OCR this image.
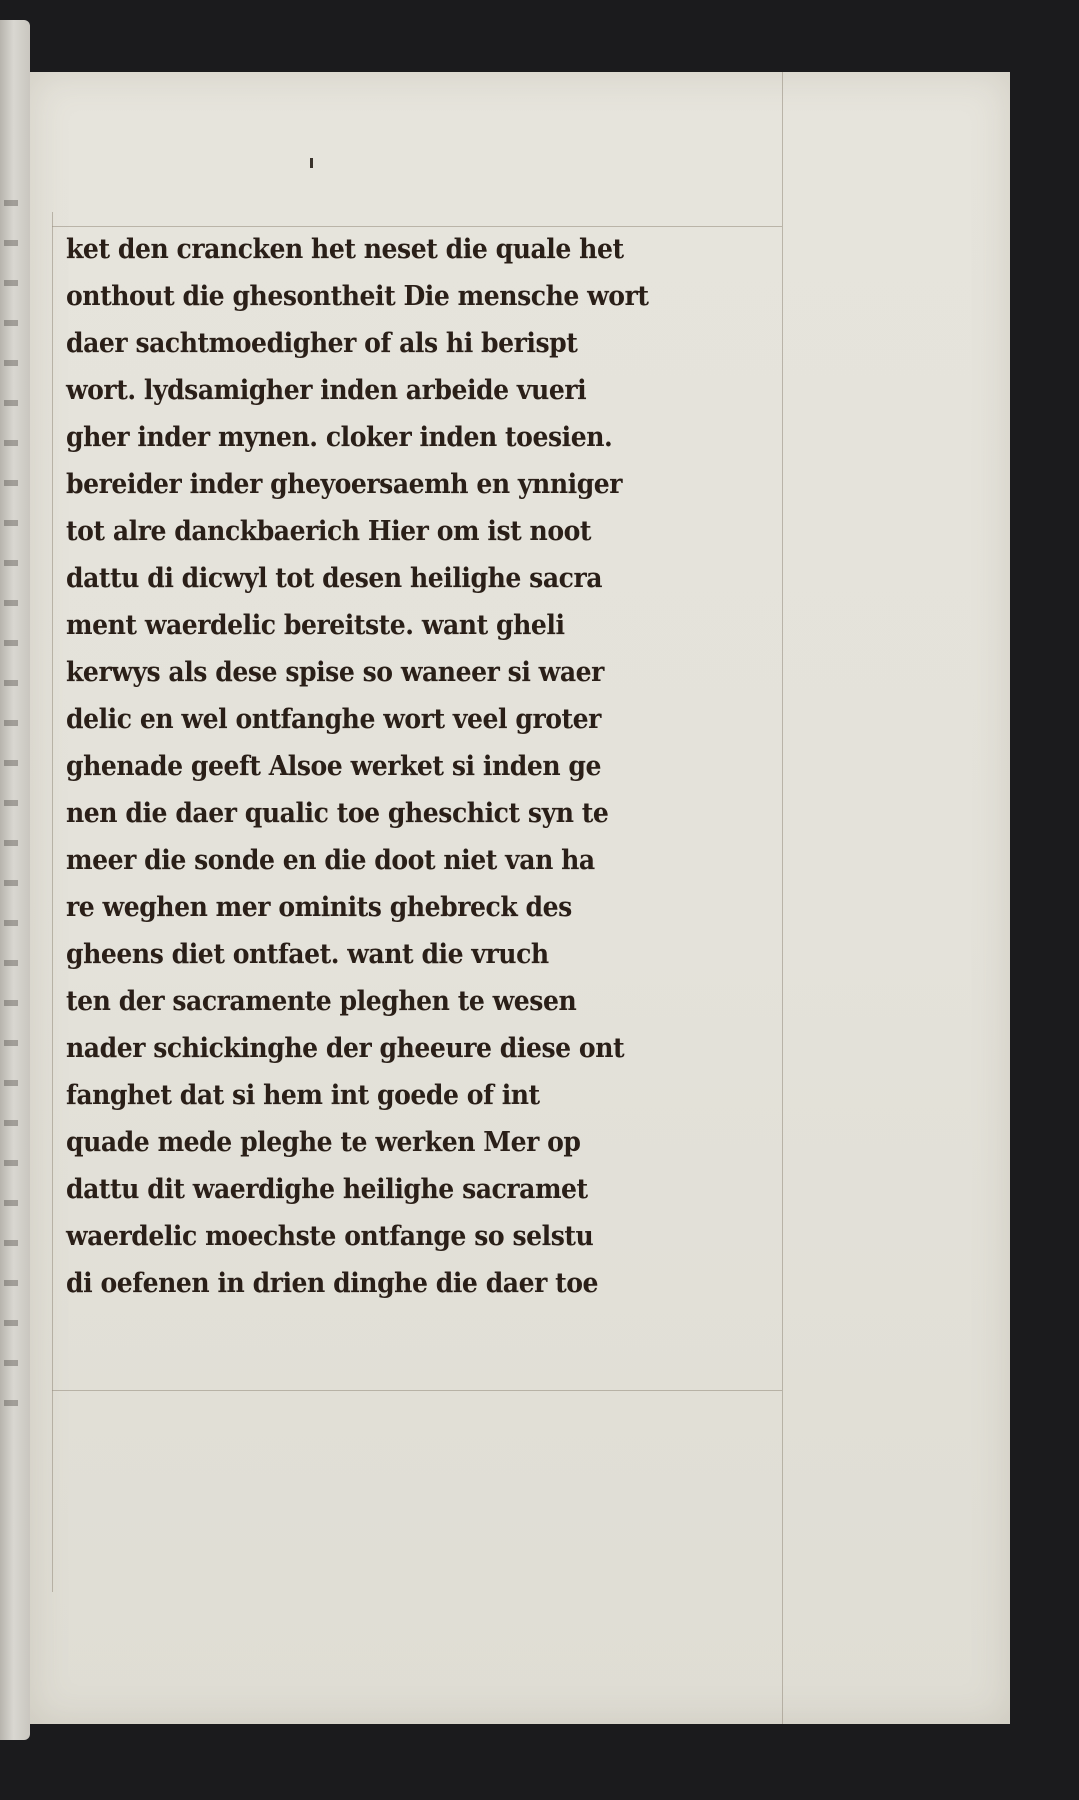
ket den crancken het neset die quale het
onthout die ghesontheit Die mensche wort
daer sachtmoedigher of als hi berispt
wort. lydsamigher inden arbeide vueri
gher inder mynen. cloker inden toesien.
bereider inder gheyoersaemh en ynniger
tot alre danckbaerich Hier om ist noot
dattu di dicwyl tot desen heilighe sacra
ment waerdelic bereitste. want gheli
kerwys als dese spise so waneer si waer
delic en wel ontfanghe wort veel groter
ghenade geeft Alsoe werket si inden ge
nen die daer qualic toe gheschict syn te
meer die sonde en die doot niet van ha
re weghen mer ominits ghebreck des
gheens diet ontfaet. want die vruch
ten der sacramente pleghen te wesen
nader schickinghe der gheeure diese ont
fanghet dat si hem int goede of int
quade mede pleghe te werken Mer op
dattu dit waerdighe heilighe sacramet
waerdelic moechste ontfange so selstu
di oefenen in drien dinghe die daer toe
